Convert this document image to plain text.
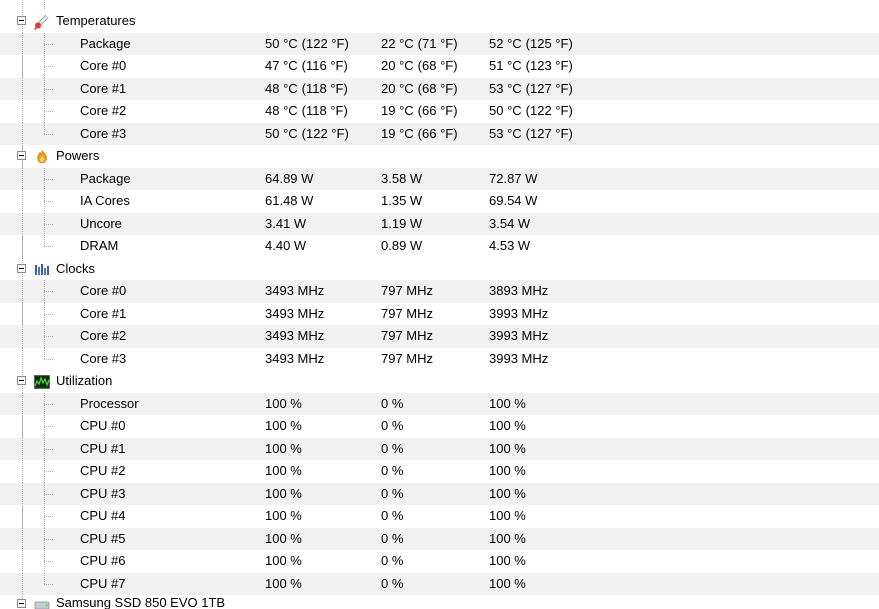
Temperatures
Package	50 °C (122 °F) 22 °C (71 °F) 52 °C (125 °F)
Core #0	47 °C (116 °F)	20 °C (68 °F) 51 °C (123 °F)
Core #1	48 °C (118 °F)	20 °C (68 °F) 53 °C (127 °F)
Core #2	48 °C (118 °F)	19 °C (66 °F) 50 °C (122 °F)
Core #3	50 °C (122 °F) 19 °C (66 °F) 53 °C (127 °F)
Powers
Package	64.89 W	3.58 W	72.87 W
IA Cores	61.48 W	1.35 W	69.54 W
Uncore	3.41 W	1.19 W	3.54 W
DRAM	4.40 W	0.89 W	4.53 W
Clocks
Core #0	3493 MHz	797 MHz	3893 MHz
Core #1	3493 MHz	797 MHz	3993 MHz
Core #2	3493 MHz	797 MHz	3993 MHz
Core #3	3493 MHz	797 MHz	3993 MHz
Utilization
Processor	100 %	0 %	100 %
CPU #0	100 %	0 %	100 %
CPU #1	100 %	0 %	100 %
CPU #2	100 %	0 %	100 %
CPU #3	100 %	0 %	100 %
CPU #4	100 %	0 %	100 %
CPU #5	100 %	0 %	100 %
CPU #6	100 %	0 %	100 %
CPU #7	100 %	0 %	100 %
Samsung SSD 850 EVO 1TB
